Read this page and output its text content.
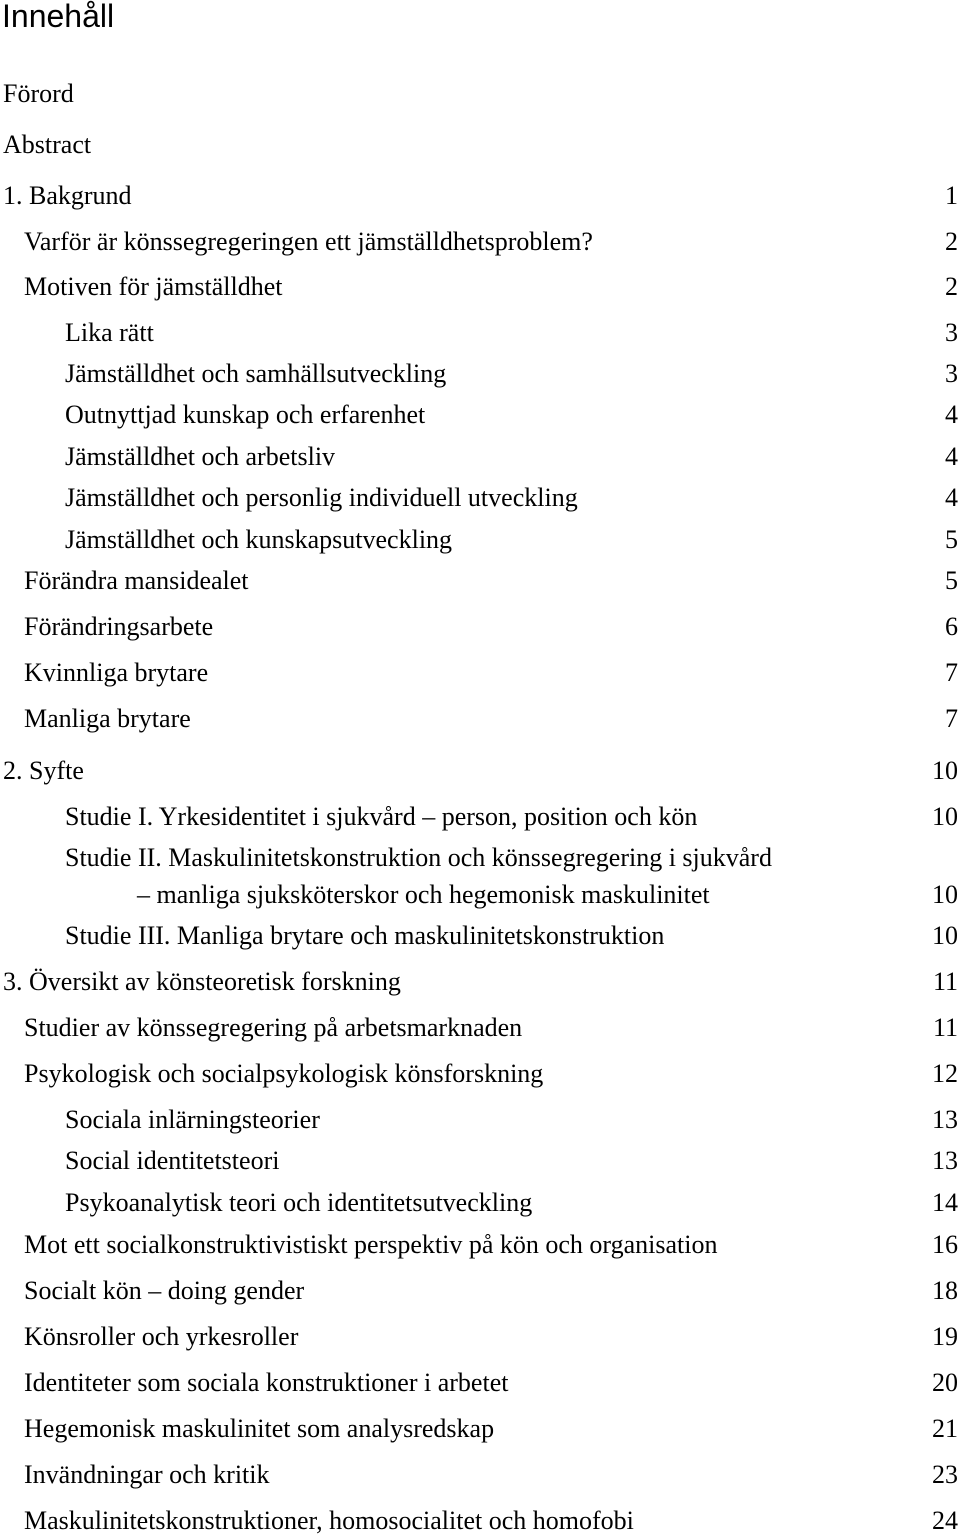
Innehåll
Förord
Abstract
1. Bakgrund	1
Varför är könssegregeringen ett jämställdhetsproblem?	2
Motiven för jämställdhet	2
Lika rätt	3
Jämställdhet och samhällsutveckling	3
Outnyttjad kunskap och erfarenhet	4
Jämställdhet och arbetsliv	4
Jämställdhet och personlig individuell utveckling	4
Jämställdhet och kunskapsutveckling	5
Förändra mansidealet	5
Förändringsarbete	6
Kvinnliga brytare	7
Manliga brytare	7
2. Syfte	10
Studie I. Yrkesidentitet i sjukvård – person, position och kön	10
Studie II. Maskulinitetskonstruktion och könssegregering i sjukvård
– manliga sjuksköterskor och hegemonisk maskulinitet	10
Studie III. Manliga brytare och maskulinitetskonstruktion	10
3. Översikt av könsteoretisk forskning	11
Studier av könssegregering på arbetsmarknaden	11
Psykologisk och socialpsykologisk könsforskning	12
Sociala inlärningsteorier	13
Social identitetsteori	13
Psykoanalytisk teori och identitetsutveckling	14
Mot ett socialkonstruktivistiskt perspektiv på kön och organisation	16
Socialt kön – doing gender	18
Könsroller och yrkesroller	19
Identiteter som sociala konstruktioner i arbetet	20
Hegemonisk maskulinitet som analysredskap	21
Invändningar och kritik	23
Maskulinitetskonstruktioner, homosocialitet och homofobi	24
